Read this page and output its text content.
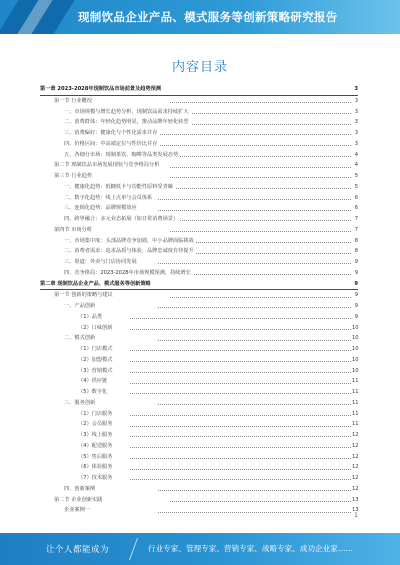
现制饮品企业产品、模式服务等创新策略研究报告
内容目录
第一章 2023-2028年现制饮品市场前景及趋势预测	3
第一节 行业概况	3
一、市场规模与增长趋势分析，现制饮品需求持续扩大	3
二、消费群体：年轻化趋势明显，推动品牌年轻化转型	3
三、消费偏好：健康化与个性化需求并存	3
四、价格区间：中高端定位与性价比并存	3
五、各细分市场：现制茶饮、咖啡等品类发展态势	4
第二节 现制饮品市场发展现状与竞争格局分析	4
第三节 行业趋势	5
一、健康化趋势：低糖低卡与功能性原料受青睐	5
二、数字化趋势：线上点单与会员体系	6
三、连锁化趋势：品牌规模效应	6
四、跨界融合：多元业态拓展（如日常消费场景）	7
第四节 市场分析	7
一、市场集中度：头部品牌竞争加剧，中小品牌面临挑战	8
二、消费者需求：追求品质与体验，品牌忠诚度有待提升	8
三、渠道：外卖与门店协同发展	9
四、竞争格局：2023-2028年市场规模预测，持续增长	9
第二章 现制饮品企业产品、模式服务等创新策略	9
第一节 创新的策略与建议	9
一、产品创新	9
（1）品类	9
（2）口味创新	10
二、模式创新	10
（1）门店模式	10
（2）加盟模式	10
（3）营销模式	10
（4）供应链	11
（5）数字化	11
三、服务创新	11
（1）门店服务	11
（2）会员服务	11
（3）线上服务	12
（4）配送服务	12
（5）售后服务	12
（6）体验服务	12
（7）技术服务	12
四、创新案例	12
第二节 企业创新实践	13
企业案例一	13
1
让个人都能成为	行业专家、管理专家、营销专家、战略专家、成功企业家……
